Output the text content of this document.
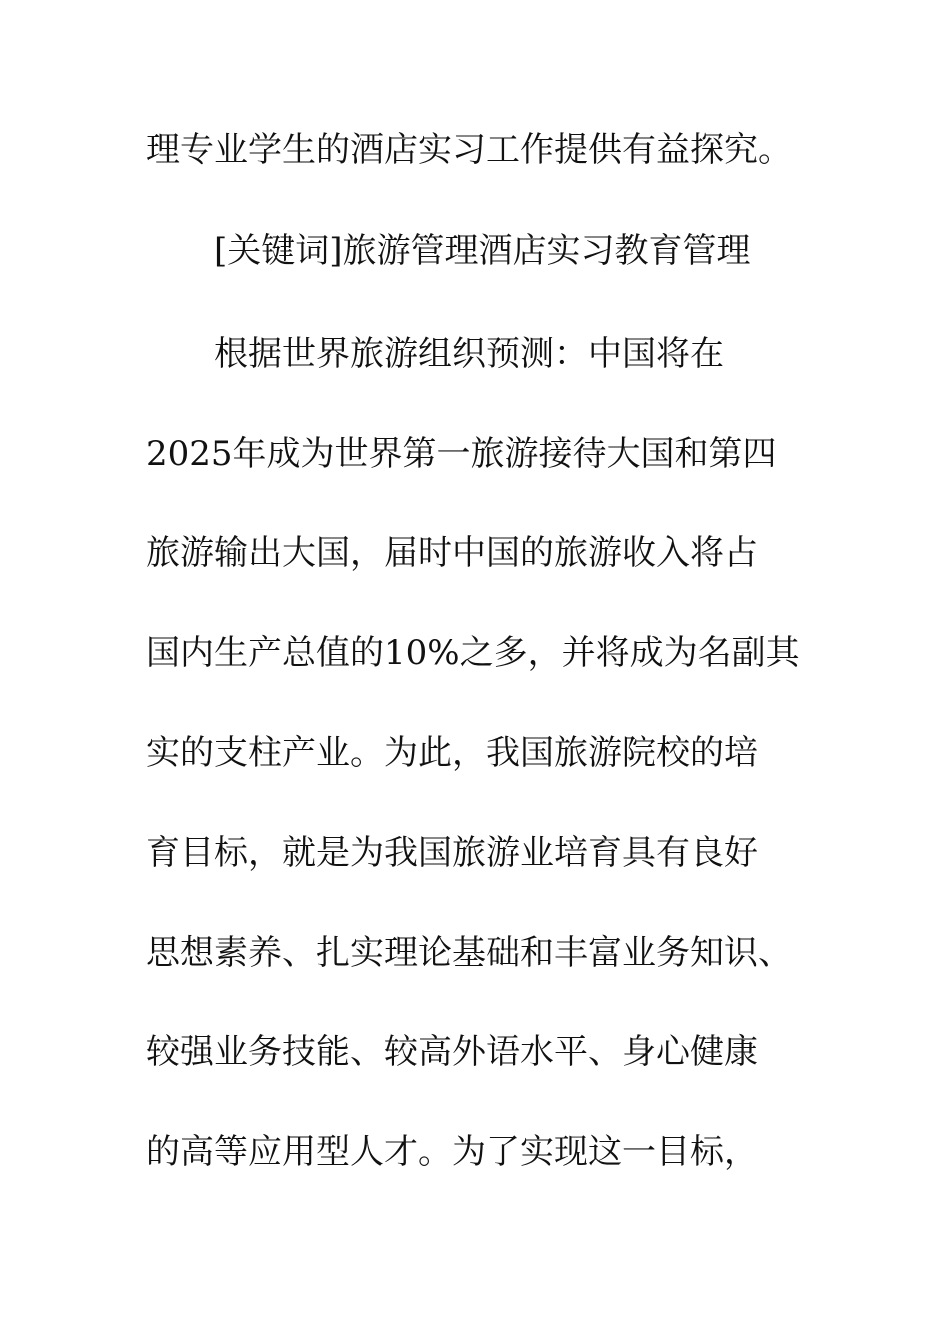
理专业学生的酒店实习工作提供有益探究。
[关键词]旅游管理酒店实习教育管理
根据世界旅游组织预测：中国将在
2025年成为世界第一旅游接待大国和第四
旅游输出大国，届时中国的旅游收入将占
国内生产总值的10%之多，并将成为名副其
实的支柱产业。为此，我国旅游院校的培
育目标，就是为我国旅游业培育具有良好
思想素养、扎实理论基础和丰富业务知识、
较强业务技能、较高外语水平、身心健康
的高等应用型人才。为了实现这一目标，
